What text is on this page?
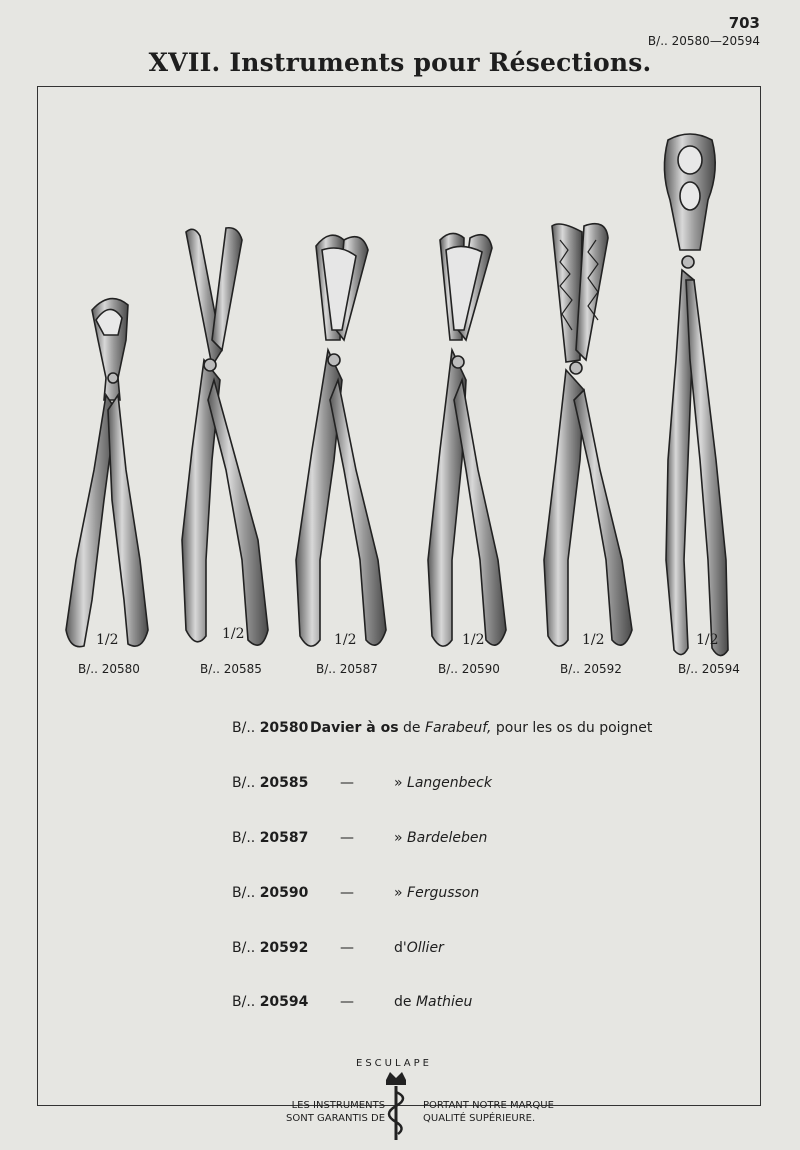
703
B/.. 20580—20594
XVII. Instruments pour Résections.
1/2	1/2	1/2	1/2	1/2	1/2
B/.. 20580	B/.. 20585	B/.. 20587	B/.. 20590	B/.. 20592	B/.. 20594
B/.. 20580 Davier à os de Farabeuf, pour les os du poignet
B/.. 20585 —	» Langenbeck
B/.. 20587 —	» Bardeleben
B/.. 20590 —	» Fergusson
B/.. 20592 —	d'Ollier
B/.. 20594 —	de Mathieu
ESCULAPE
LES INSTRUMENTS
SONT GARANTIS DE
PORTANT NOTRE MARQUE
QUALITÉ SUPÉRIEURE.
